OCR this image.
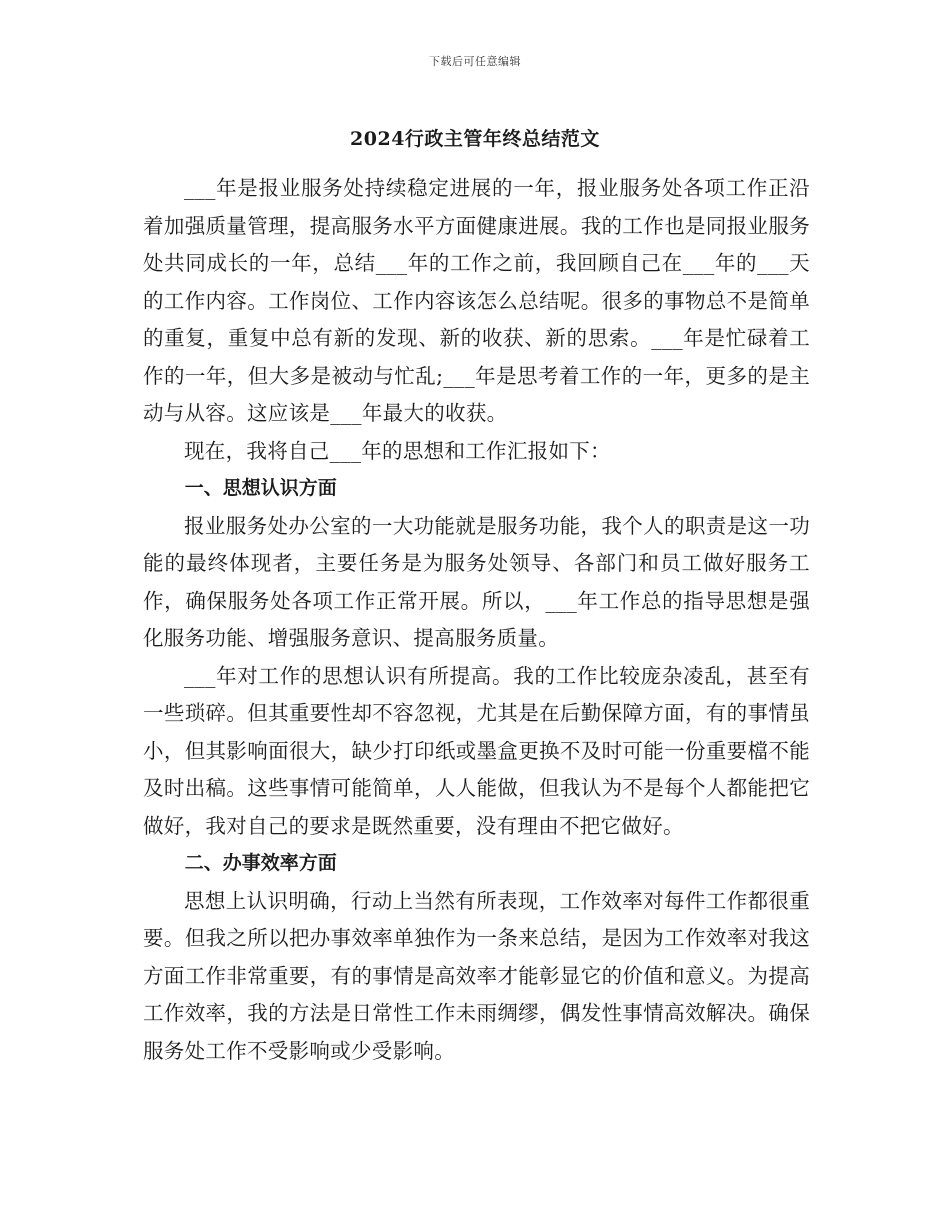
下载后可任意编辑
2024行政主管年终总结范文

___年是报业服务处持续稳定进展的一年，报业服务处各项工作正沿着加强质量管理，提高服务水平方面健康进展。我的工作也是同报业服务处共同成长的一年，总结___年的工作之前，我回顾自己在___年的___天的工作内容。工作岗位、工作内容该怎么总结呢。很多的事物总不是简单的重复，重复中总有新的发现、新的收获、新的思索。___年是忙碌着工作的一年，但大多是被动与忙乱;___年是思考着工作的一年，更多的是主动与从容。这应该是___年最大的收获。

现在，我将自己___年的思想和工作汇报如下：

一、思想认识方面

报业服务处办公室的一大功能就是服务功能，我个人的职责是这一功能的最终体现者，主要任务是为服务处领导、各部门和员工做好服务工作，确保服务处各项工作正常开展。所以，___年工作总的指导思想是强化服务功能、增强服务意识、提高服务质量。

___年对工作的思想认识有所提高。我的工作比较庞杂凌乱，甚至有一些琐碎。但其重要性却不容忽视，尤其是在后勤保障方面，有的事情虽小，但其影响面很大，缺少打印纸或墨盒更换不及时可能一份重要檔不能及时出稿。这些事情可能简单，人人能做，但我认为不是每个人都能把它做好，我对自己的要求是既然重要，没有理由不把它做好。

二、办事效率方面

思想上认识明确，行动上当然有所表现，工作效率对每件工作都很重要。但我之所以把办事效率单独作为一条来总结，是因为工作效率对我这方面工作非常重要，有的事情是高效率才能彰显它的价值和意义。为提高工作效率，我的方法是日常性工作未雨绸缪，偶发性事情高效解决。确保服务处工作不受影响或少受影响。
